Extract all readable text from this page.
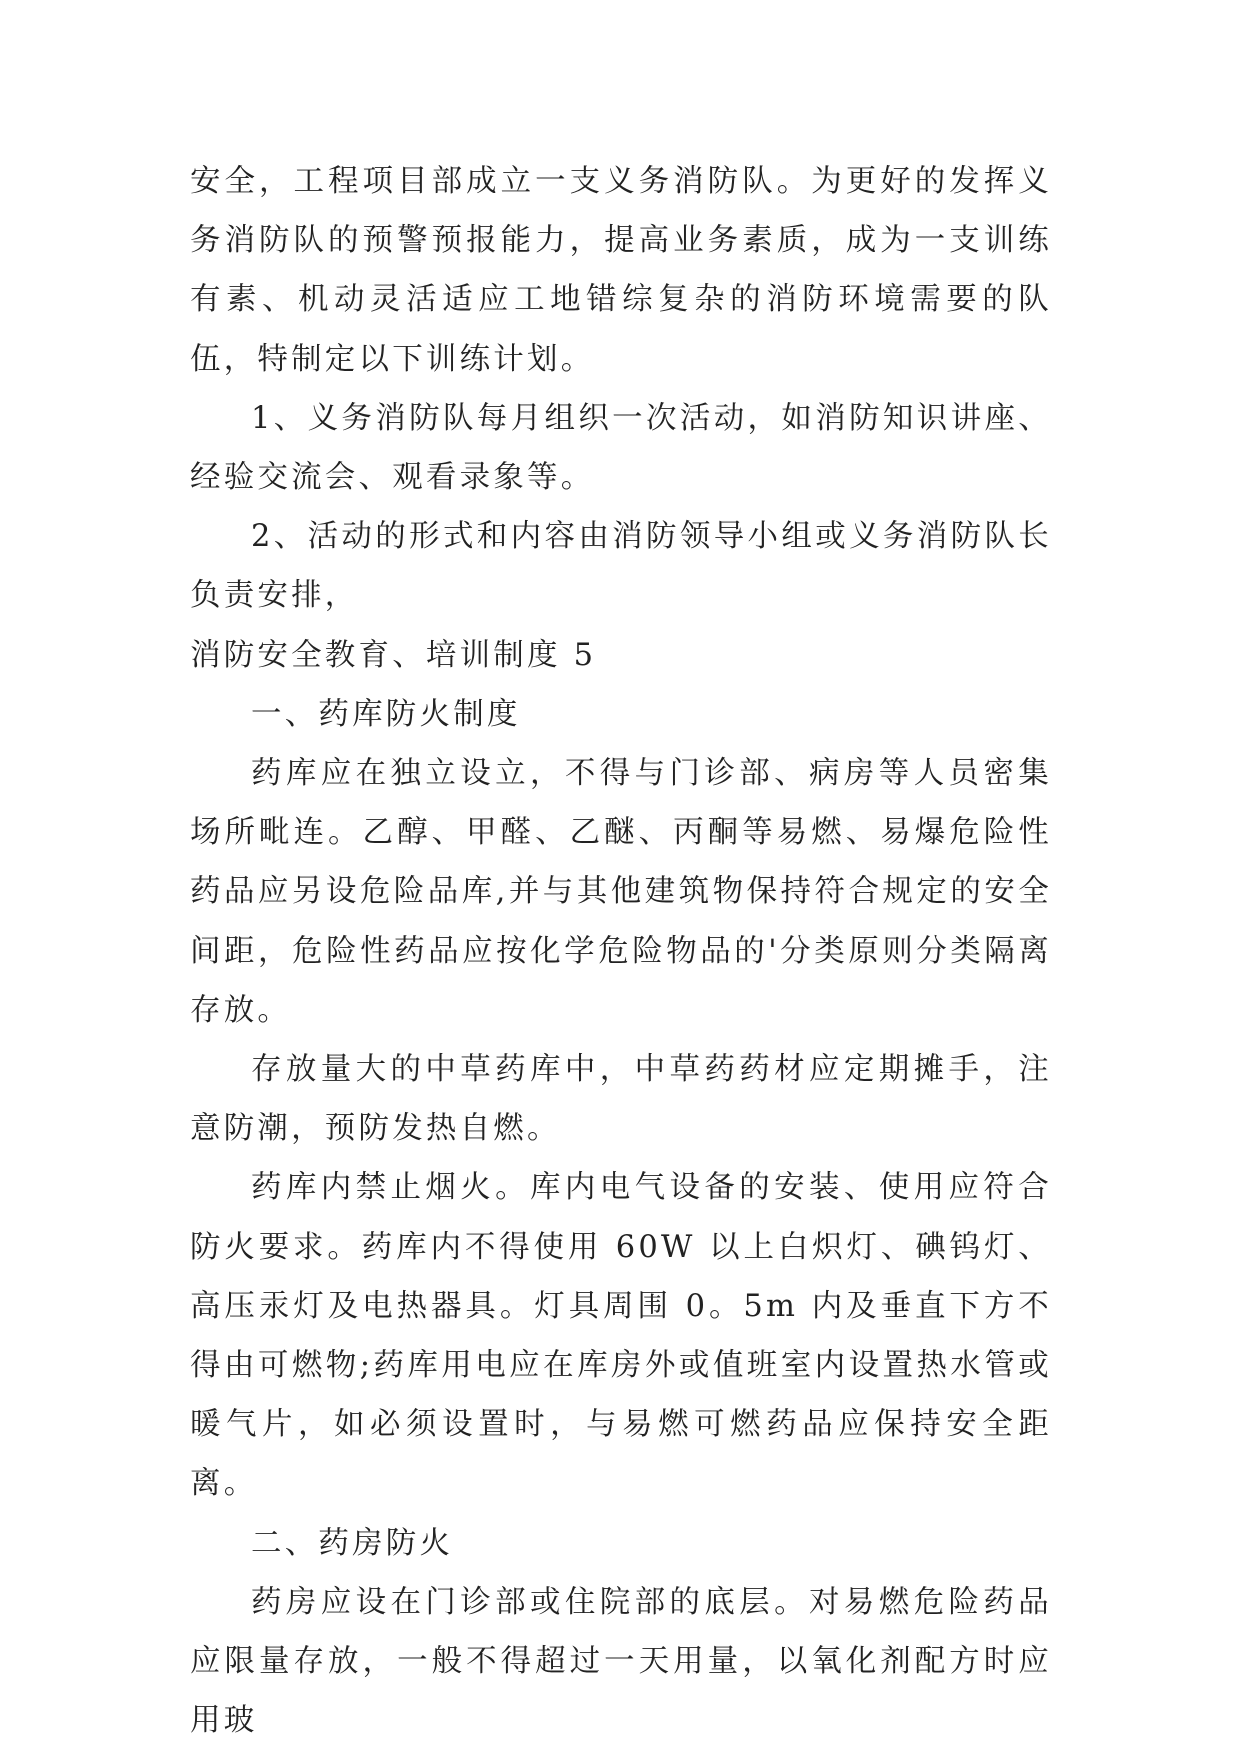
安全，工程项目部成立一支义务消防队。为更好的发挥义务消防队的预警预报能力，提高业务素质，成为一支训练有素、机动灵活适应工地错综复杂的消防环境需要的队伍，特制定以下训练计划。

1、义务消防队每月组织一次活动，如消防知识讲座、经验交流会、观看录象等。

2、活动的形式和内容由消防领导小组或义务消防队长负责安排，

消防安全教育、培训制度 5

一、药库防火制度

药库应在独立设立，不得与门诊部、病房等人员密集场所毗连。乙醇、甲醛、乙醚、丙酮等易燃、易爆危险性药品应另设危险品库,并与其他建筑物保持符合规定的安全间距，危险性药品应按化学危险物品的'分类原则分类隔离存放。

存放量大的中草药库中，中草药药材应定期摊手，注意防潮，预防发热自燃。

药库内禁止烟火。库内电气设备的安装、使用应符合防火要求。药库内不得使用 60W 以上白炽灯、碘钨灯、高压汞灯及电热器具。灯具周围 0。5m 内及垂直下方不得由可燃物;药库用电应在库房外或值班室内设置热水管或暖气片，如必须设置时，与易燃可燃药品应保持安全距离。

二、药房防火

药房应设在门诊部或住院部的底层。对易燃危险药品应限量存放，一般不得超过一天用量，以氧化剂配方时应用玻
